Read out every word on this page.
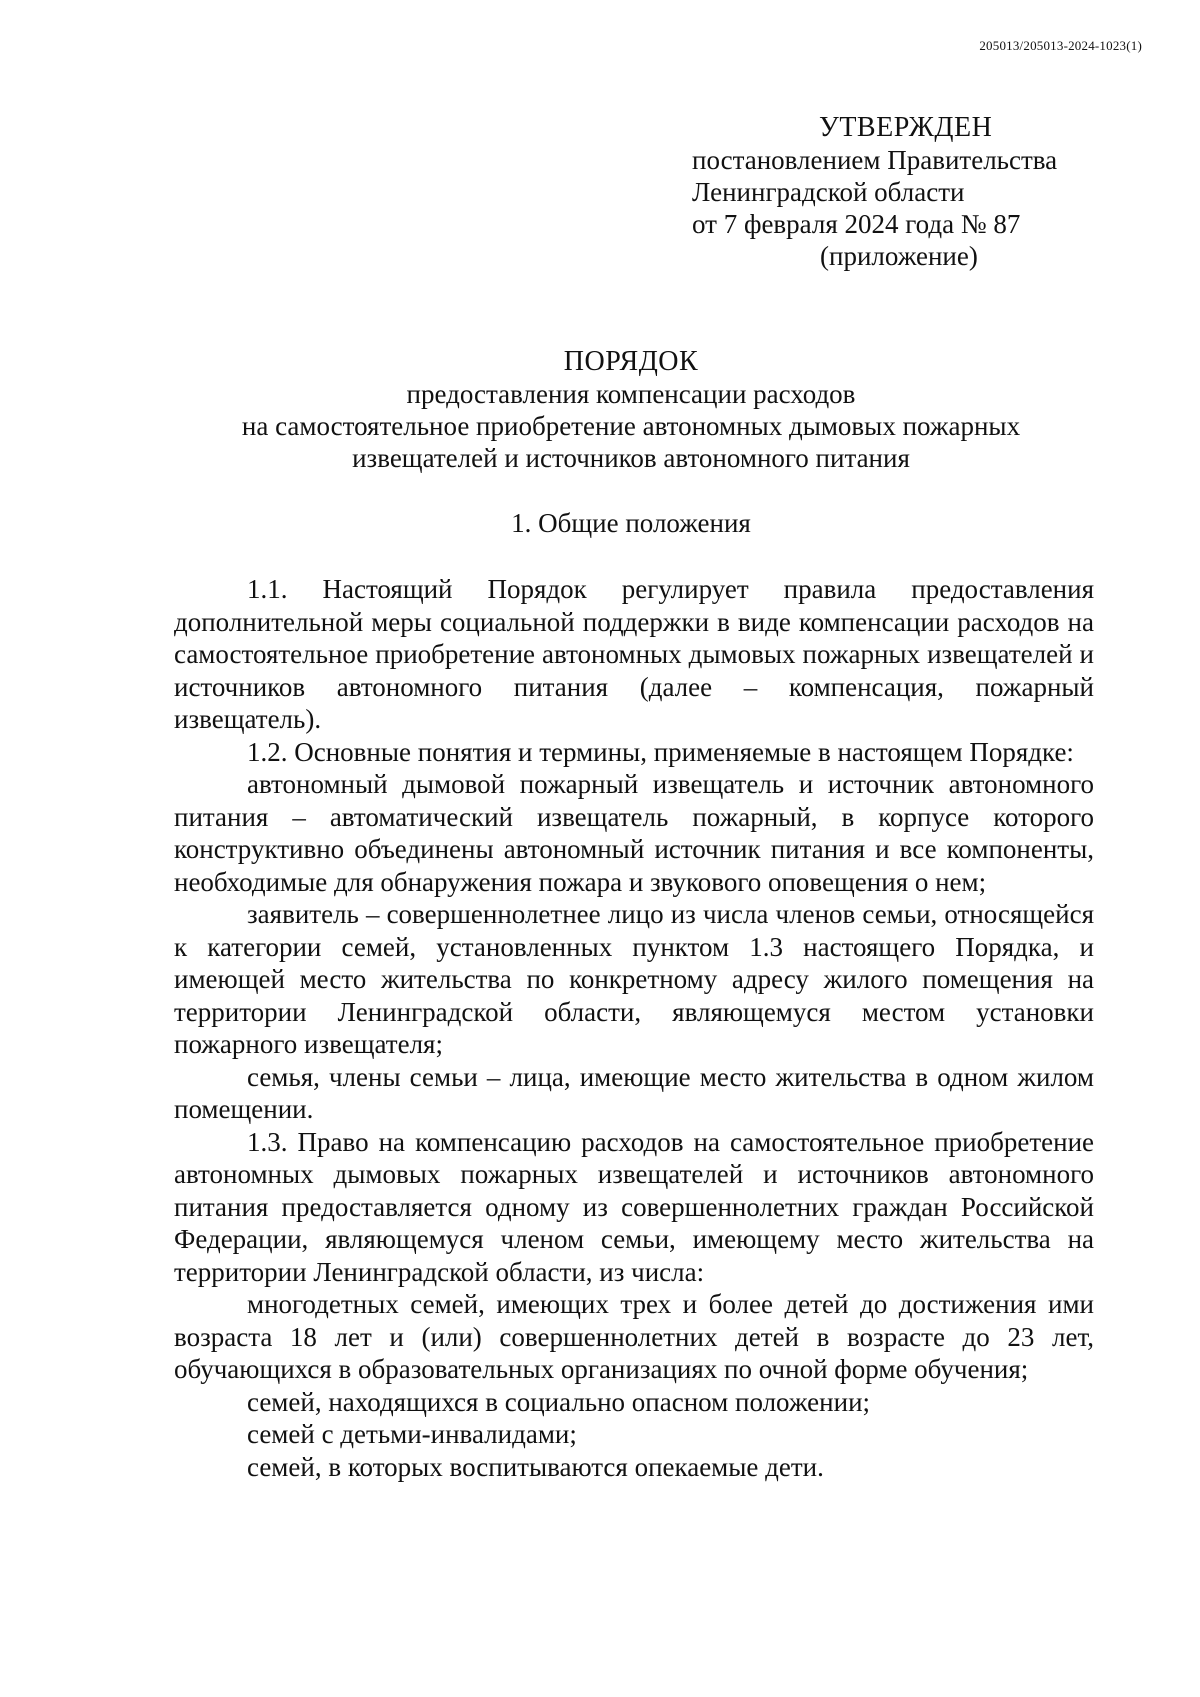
205013/205013-2024-1023(1)
УТВЕРЖДЕН
постановлением Правительства
Ленинградской области
от 7 февраля 2024 года № 87
(приложение)
ПОРЯДОК
предоставления компенсации расходов
на самостоятельное приобретение автономных дымовых пожарных
извещателей и источников автономного питания
1. Общие положения

1.1. Настоящий Порядок регулирует правила предоставления дополнительной меры социальной поддержки в виде компенсации расходов на самостоятельное приобретение автономных дымовых пожарных извещателей и источников автономного питания (далее – компенсация, пожарный извещатель).

1.2. Основные понятия и термины, применяемые в настоящем Порядке:

автономный дымовой пожарный извещатель и источник автономного питания – автоматический извещатель пожарный, в корпусе которого конструктивно объединены автономный источник питания и все компоненты, необходимые для обнаружения пожара и звукового оповещения о нем;

заявитель – совершеннолетнее лицо из числа членов семьи, относящейся к категории семей, установленных пунктом 1.3 настоящего Порядка, и имеющей место жительства по конкретному адресу жилого помещения на территории Ленинградской области, являющемуся местом установки пожарного извещателя;

семья, члены семьи – лица, имеющие место жительства в одном жилом помещении.

1.3. Право на компенсацию расходов на самостоятельное приобретение автономных дымовых пожарных извещателей и источников автономного питания предоставляется одному из совершеннолетних граждан Российской Федерации, являющемуся членом семьи, имеющему место жительства на территории Ленинградской области, из числа:

многодетных семей, имеющих трех и более детей до достижения ими возраста 18 лет и (или) совершеннолетних детей в возрасте до 23 лет, обучающихся в образовательных организациях по очной форме обучения;

семей, находящихся в социально опасном положении;

семей с детьми-инвалидами;

семей, в которых воспитываются опекаемые дети.
